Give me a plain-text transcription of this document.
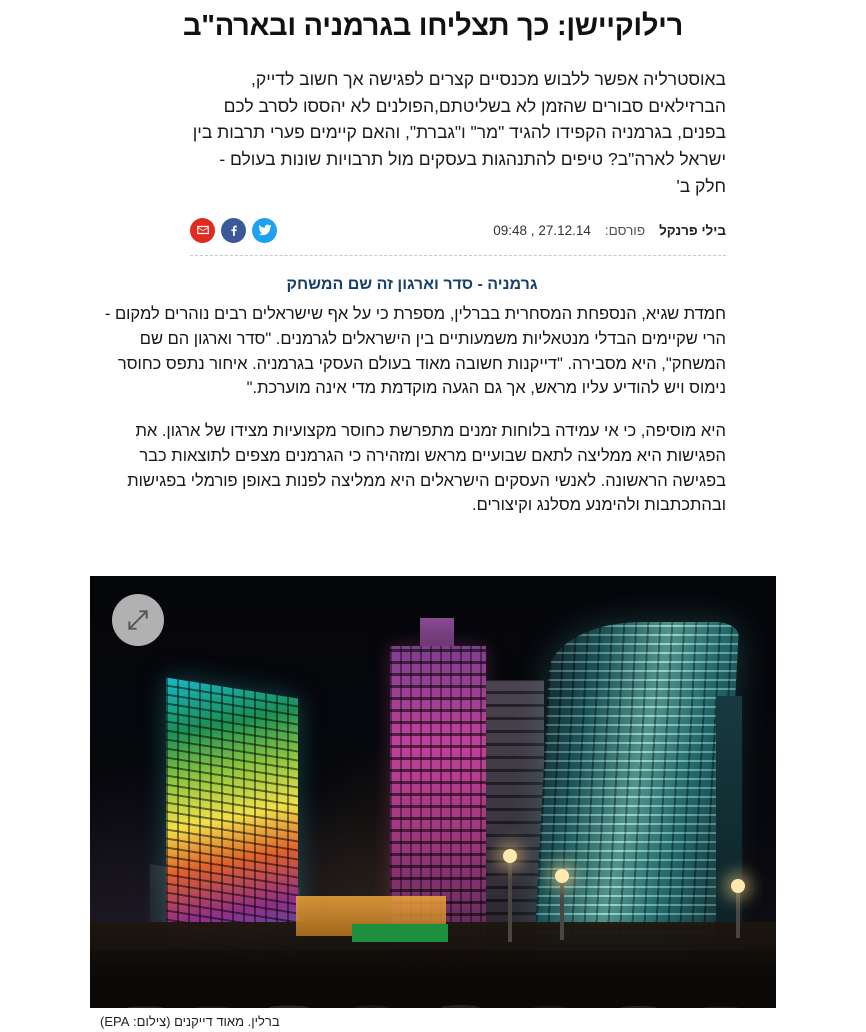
רילוקיישן: כך תצליחו בגרמניה ובארה"ב
באוסטרליה אפשר ללבוש מכנסיים קצרים לפגישה אך חשוב לדייק, הברזילאים סבורים שהזמן לא בשליטתם,הפולנים לא יהססו לסרב לכם בפנים, בגרמניה הקפידו להגיד "מר" ו"גברת", והאם קיימים פערי תרבות בין ישראל לארה"ב? טיפים להתנהגות בעסקים מול תרבויות שונות בעולם - חלק ב'
בילי פרנקל
פורסם:
27.12.14 , 09:48
גרמניה - סדר וארגון זה שם המשחק

חמדת שגיא, הנספחת המסחרית בברלין, מספרת כי על אף שישראלים רבים נוהרים למקום - הרי שקיימים הבדלי מנטאליות משמעותיים בין הישראלים לגרמנים. "סדר וארגון הם שם המשחק", היא מסבירה. "דייקנות חשובה מאוד בעולם העסקי בגרמניה. איחור נתפס כחוסר נימוס ויש להודיע עליו מראש, אך גם הגעה מוקדמת מדי אינה מוערכת."

היא מוסיפה, כי אי עמידה בלוחות זמנים מתפרשת כחוסר מקצועיות מצידו של ארגון. את הפגישות היא ממליצה לתאם שבועיים מראש ומזהירה כי הגרמנים מצפים לתוצאות כבר בפגישה הראשונה. לאנשי העסקים הישראלים היא ממליצה לפנות באופן פורמלי בפגישות ובהתכתבות ולהימנע מסלנג וקיצורים.

ברלין. מאוד דייקנים (צילום: EPA)
